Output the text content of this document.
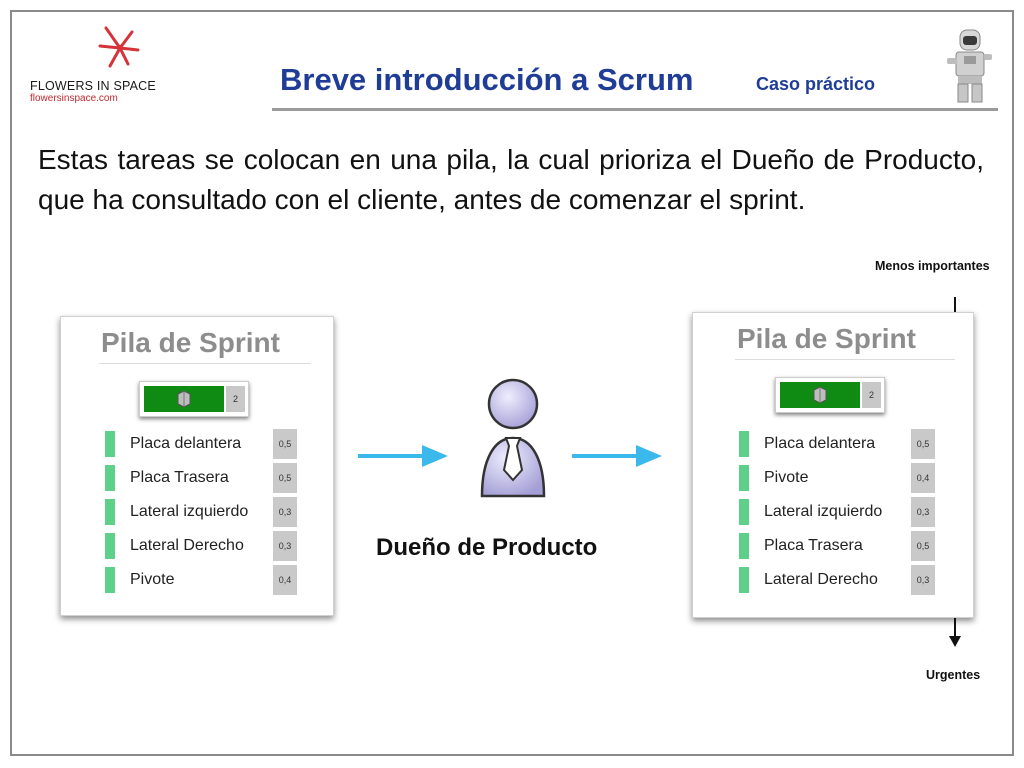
FLOWERS IN SPACE
flowersinspace.com
Breve introducción a Scrum	Caso práctico
Estas tareas se colocan en una pila, la cual prioriza el Dueño de Producto, que ha consultado con el cliente, antes de comenzar el sprint.
Menos importantes
Urgentes
Pila de Sprint
2
Placa delantera	0,5
Placa Trasera	0,5
Lateral izquierdo	0,3
Lateral Derecho	0,3
Pivote	0,4
Dueño de Producto
Pila de Sprint
2
Placa delantera	0,5
Pivote	0,4
Lateral izquierdo	0,3
Placa Trasera	0,5
Lateral Derecho	0,3
